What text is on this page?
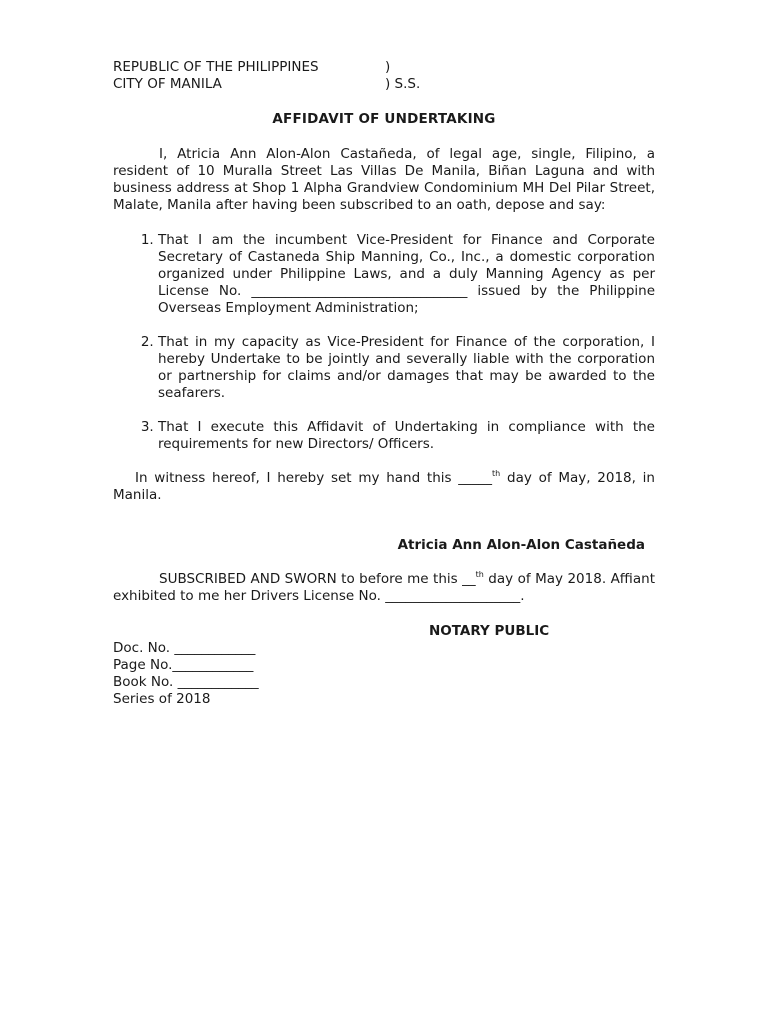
REPUBLIC OF THE PHILIPPINES	)
CITY OF MANILA	) S.S.
AFFIDAVIT OF UNDERTAKING
I, Atricia Ann Alon-Alon Castañeda, of legal age, single, Filipino, a resident of 10 Muralla Street Las Villas De Manila, Biñan Laguna and with business address at Shop 1 Alpha Grandview Condominium MH Del Pilar Street, Malate, Manila after having been subscribed to an oath, depose and say:
1. That I am the incumbent Vice-President for Finance and Corporate Secretary of Castaneda Ship Manning, Co., Inc., a domestic corporation organized under Philippine Laws, and a duly Manning Agency as per License No. ________________________________ issued by the Philippine Overseas Employment Administration;
2. That in my capacity as Vice-President for Finance of the corporation, I hereby Undertake to be jointly and severally liable with the corporation or partnership for claims and/or damages that may be awarded to the seafarers.
3. That I execute this Affidavit of Undertaking in compliance with the requirements for new Directors/ Officers.
In witness hereof, I hereby set my hand this _____$^{th}$ day of May, 2018, in Manila.
Atricia Ann Alon-Alon Castañeda
SUBSCRIBED AND SWORN to before me this __$^{th}$ day of May 2018. Affiant exhibited to me her Drivers License No. ____________________.
NOTARY PUBLIC
Doc. No. ____________
Page No.____________
Book No. ____________
Series of 2018
